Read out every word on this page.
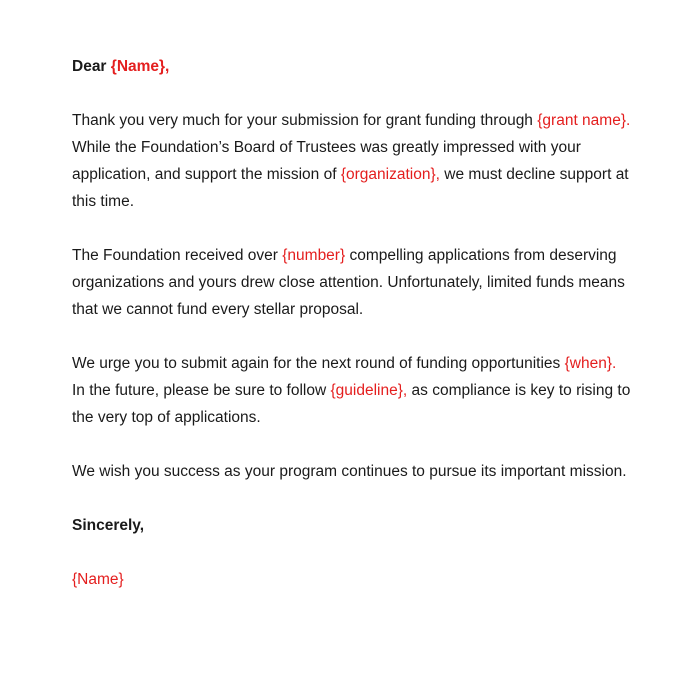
Dear {Name},

Thank you very much for your submission for grant funding through {grant name}. While the Foundation’s Board of Trustees was greatly impressed with your application, and support the mission of {organization}, we must decline support at this time.

The Foundation received over {number} compelling applications from deserving organizations and yours drew close attention. Unfortunately, limited funds means that we cannot fund every stellar proposal.

We urge you to submit again for the next round of funding opportunities {when}. In the future, please be sure to follow {guideline}, as compliance is key to rising to the very top of applications.

We wish you success as your program continues to pursue its important mission.

Sincerely,

{Name}
